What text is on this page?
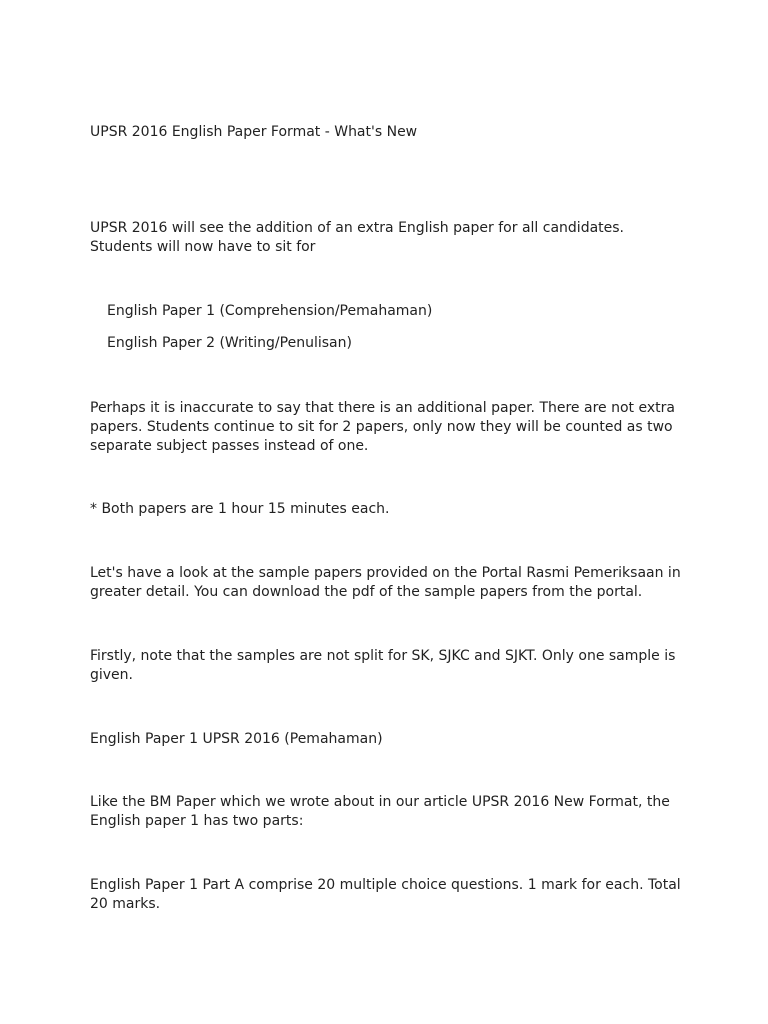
UPSR 2016 English Paper Format - What's New

UPSR 2016 will see the addition of an extra English paper for all candidates. Students will now have to sit for

English Paper 1 (Comprehension/Pemahaman)

English Paper 2 (Writing/Penulisan)

Perhaps it is inaccurate to say that there is an additional paper. There are not extra papers. Students continue to sit for 2 papers, only now they will be counted as two separate subject passes instead of one.

* Both papers are 1 hour 15 minutes each.

Let's have a look at the sample papers provided on the Portal Rasmi Pemeriksaan in greater detail. You can download the pdf of the sample papers from the portal.

Firstly, note that the samples are not split for SK, SJKC and SJKT. Only one sample is given.

English Paper 1 UPSR 2016 (Pemahaman)

Like the BM Paper which we wrote about in our article UPSR 2016 New Format, the English paper 1 has two parts:

English Paper 1 Part A comprise 20 multiple choice questions. 1 mark for each. Total 20 marks.
